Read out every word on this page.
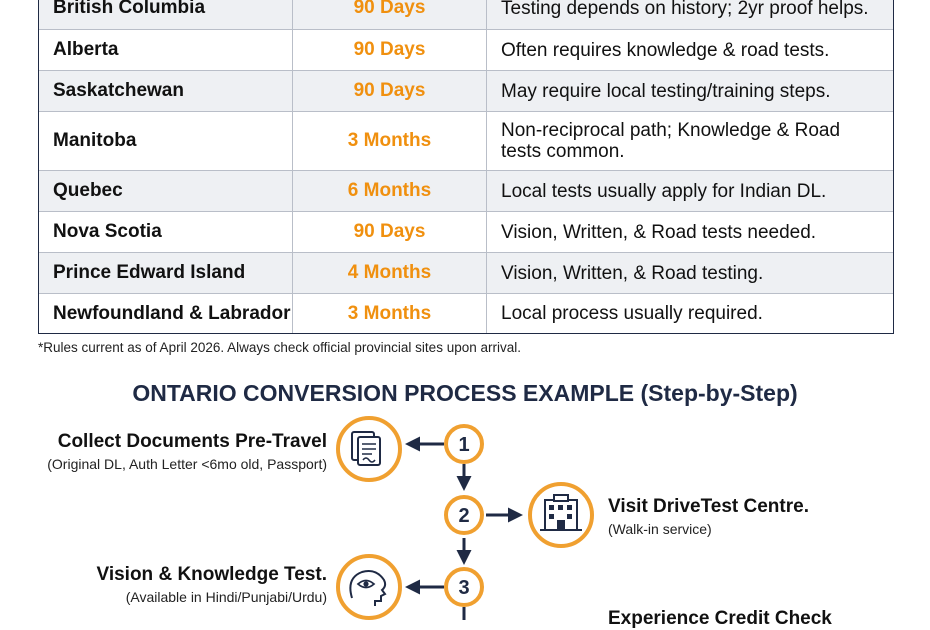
British Columbia	90 Days	Testing depends on history; 2yr proof helps.
Alberta	90 Days	Often requires knowledge & road tests.
Saskatchewan	90 Days	May require local testing/training steps.
Manitoba	3 Months	Non-reciprocal path; Knowledge & Road tests common.
Quebec	6 Months	Local tests usually apply for Indian DL.
Nova Scotia	90 Days	Vision, Written, & Road tests needed.
Prince Edward Island	4 Months	Vision, Written, & Road testing.
Newfoundland & Labrador	3 Months	Local process usually required.
*Rules current as of April 2026. Always check official provincial sites upon arrival.
ONTARIO CONVERSION PROCESS EXAMPLE (Step-by-Step)
1
2
3
Collect Documents Pre-Travel
(Original DL, Auth Letter <6mo old, Passport)
Visit DriveTest Centre.
(Walk-in service)
Vision & Knowledge Test.
(Available in Hindi/Punjabi/Urdu)
Experience Credit Check
